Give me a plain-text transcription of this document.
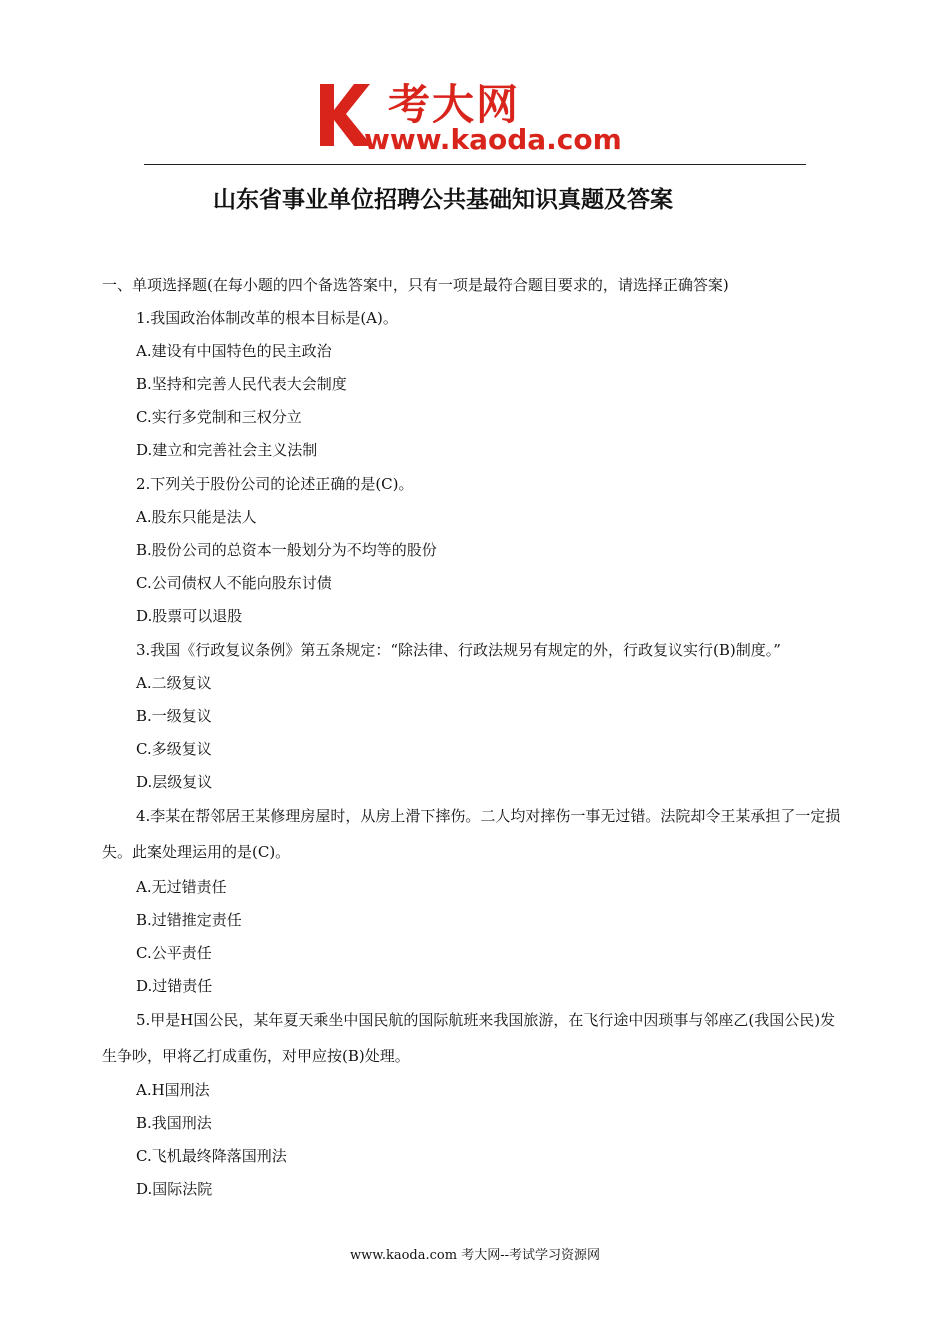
考大网
www.kaoda.com
山东省事业单位招聘公共基础知识真题及答案
一、单项选择题(在每小题的四个备选答案中，只有一项是最符合题目要求的，请选择正确答案)
1.我国政治体制改革的根本目标是(A)。
A.建设有中国特色的民主政治
B.坚持和完善人民代表大会制度
C.实行多党制和三权分立
D.建立和完善社会主义法制
2.下列关于股份公司的论述正确的是(C)。
A.股东只能是法人
B.股份公司的总资本一般划分为不均等的股份
C.公司债权人不能向股东讨债
D.股票可以退股
3.我国《行政复议条例》第五条规定：“除法律、行政法规另有规定的外，行政复议实行(B)制度。”
A.二级复议
B.一级复议
C.多级复议
D.层级复议
4.李某在帮邻居王某修理房屋时，从房上滑下摔伤。二人均对摔伤一事无过错。法院却令王某承担了一定损失。此案处理运用的是(C)。
A.无过错责任
B.过错推定责任
C.公平责任
D.过错责任
5.甲是H国公民，某年夏天乘坐中国民航的国际航班来我国旅游，在飞行途中因琐事与邻座乙(我国公民)发生争吵，甲将乙打成重伤，对甲应按(B)处理。
A.H国刑法
B.我国刑法
C.飞机最终降落国刑法
D.国际法院
www.kaoda.com 考大网--考试学习资源网
